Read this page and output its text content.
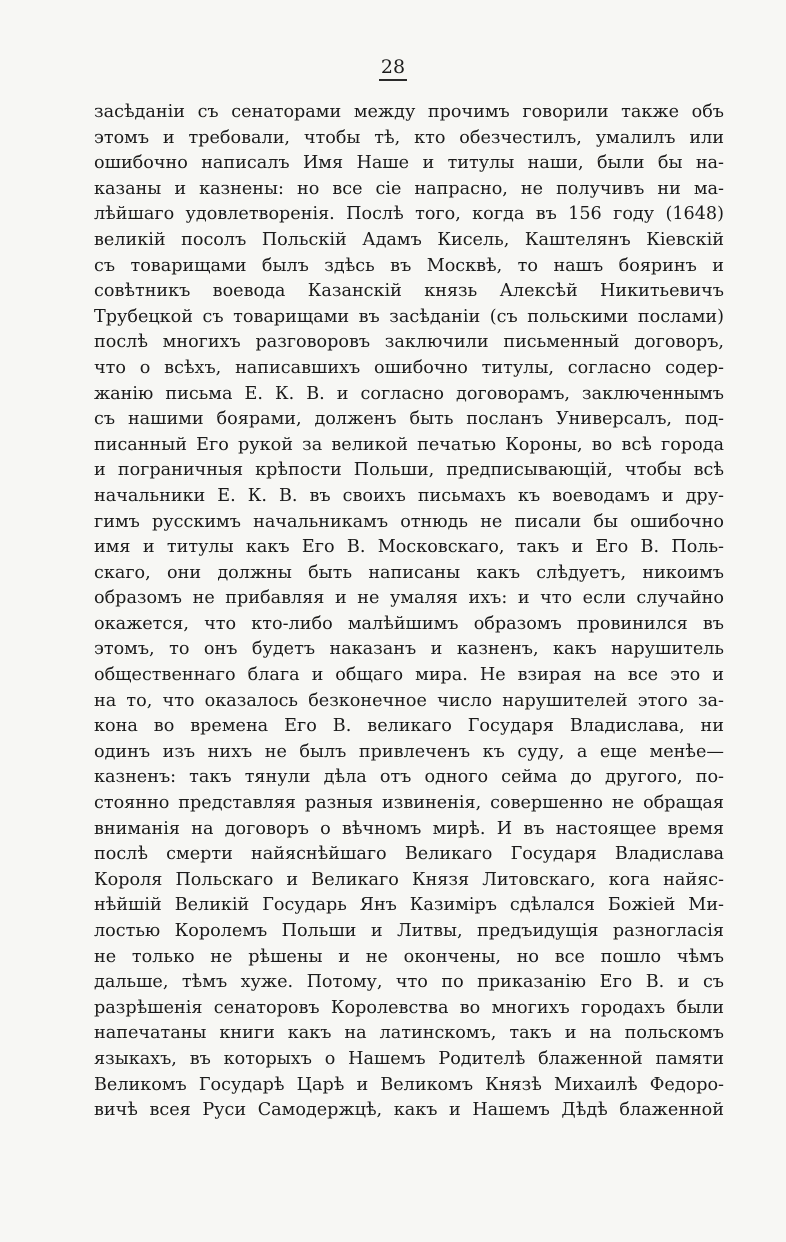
28
засѣданіи съ сенаторами между прочимъ говорили также объ
этомъ и требовали, чтобы тѣ, кто обезчестилъ, умалилъ или
ошибочно написалъ Имя Наше и титулы наши, были бы на-
казаны и казнены: но все сіе напрасно, не получивъ ни ма-
лѣйшаго удовлетворенія. Послѣ того, когда въ 156 году (1648)
великій посолъ Польскій Адамъ Кисель, Каштелянъ Кіевскій
съ товарищами былъ здѣсь въ Москвѣ, то нашъ бояринъ и
совѣтникъ воевода Казанскій князь Алексѣй Никитьевичъ
Трубецкой съ товарищами въ засѣданіи (съ польскими послами)
послѣ многихъ разговоровъ заключили письменный договоръ,
что о всѣхъ, написавшихъ ошибочно титулы, согласно содер-
жанію письма Е. К. В. и согласно договорамъ, заключеннымъ
съ нашими боярами, долженъ быть посланъ Универсалъ, под-
писанный Его рукой за великой печатью Короны, во всѣ города
и пограничныя крѣпости Польши, предписывающій, чтобы всѣ
начальники Е. К. В. въ своихъ письмахъ къ воеводамъ и дру-
гимъ русскимъ начальникамъ отнюдь не писали бы ошибочно
имя и титулы какъ Его В. Московскаго, такъ и Его В. Поль-
скаго, они должны быть написаны какъ слѣдуетъ, никоимъ
образомъ не прибавляя и не умаляя ихъ: и что если случайно
окажется, что кто-либо малѣйшимъ образомъ провинился въ
этомъ, то онъ будетъ наказанъ и казненъ, какъ нарушитель
общественнаго блага и общаго мира. Не взирая на все это и
на то, что оказалось безконечное число нарушителей этого за-
кона во времена Его В. великаго Государя Владислава, ни
одинъ изъ нихъ не былъ привлеченъ къ суду, а еще менѣе—
казненъ: такъ тянули дѣла отъ одного сейма до другого, по-
стоянно представляя разныя извиненія, совершенно не обращая
вниманія на договоръ о вѣчномъ мирѣ. И въ настоящее время
послѣ смерти найяснѣйшаго Великаго Государя Владислава
Короля Польскаго и Великаго Князя Литовскаго, кога найяс-
нѣйшій Великій Государь Янъ Казиміръ сдѣлался Божіей Ми-
лостью Королемъ Польши и Литвы, предъидущія разногласія
не только не рѣшены и не окончены, но все пошло чѣмъ
дальше, тѣмъ хуже. Потому, что по приказанію Его В. и съ
разрѣшенія сенаторовъ Королевства во многихъ городахъ были
напечатаны книги какъ на латинскомъ, такъ и на польскомъ
языкахъ, въ которыхъ о Нашемъ Родителѣ блаженной памяти
Великомъ Государѣ Царѣ и Великомъ Князѣ Михаилѣ Федоро-
вичѣ всея Руси Самодержцѣ, какъ и Нашемъ Дѣдѣ блаженной
